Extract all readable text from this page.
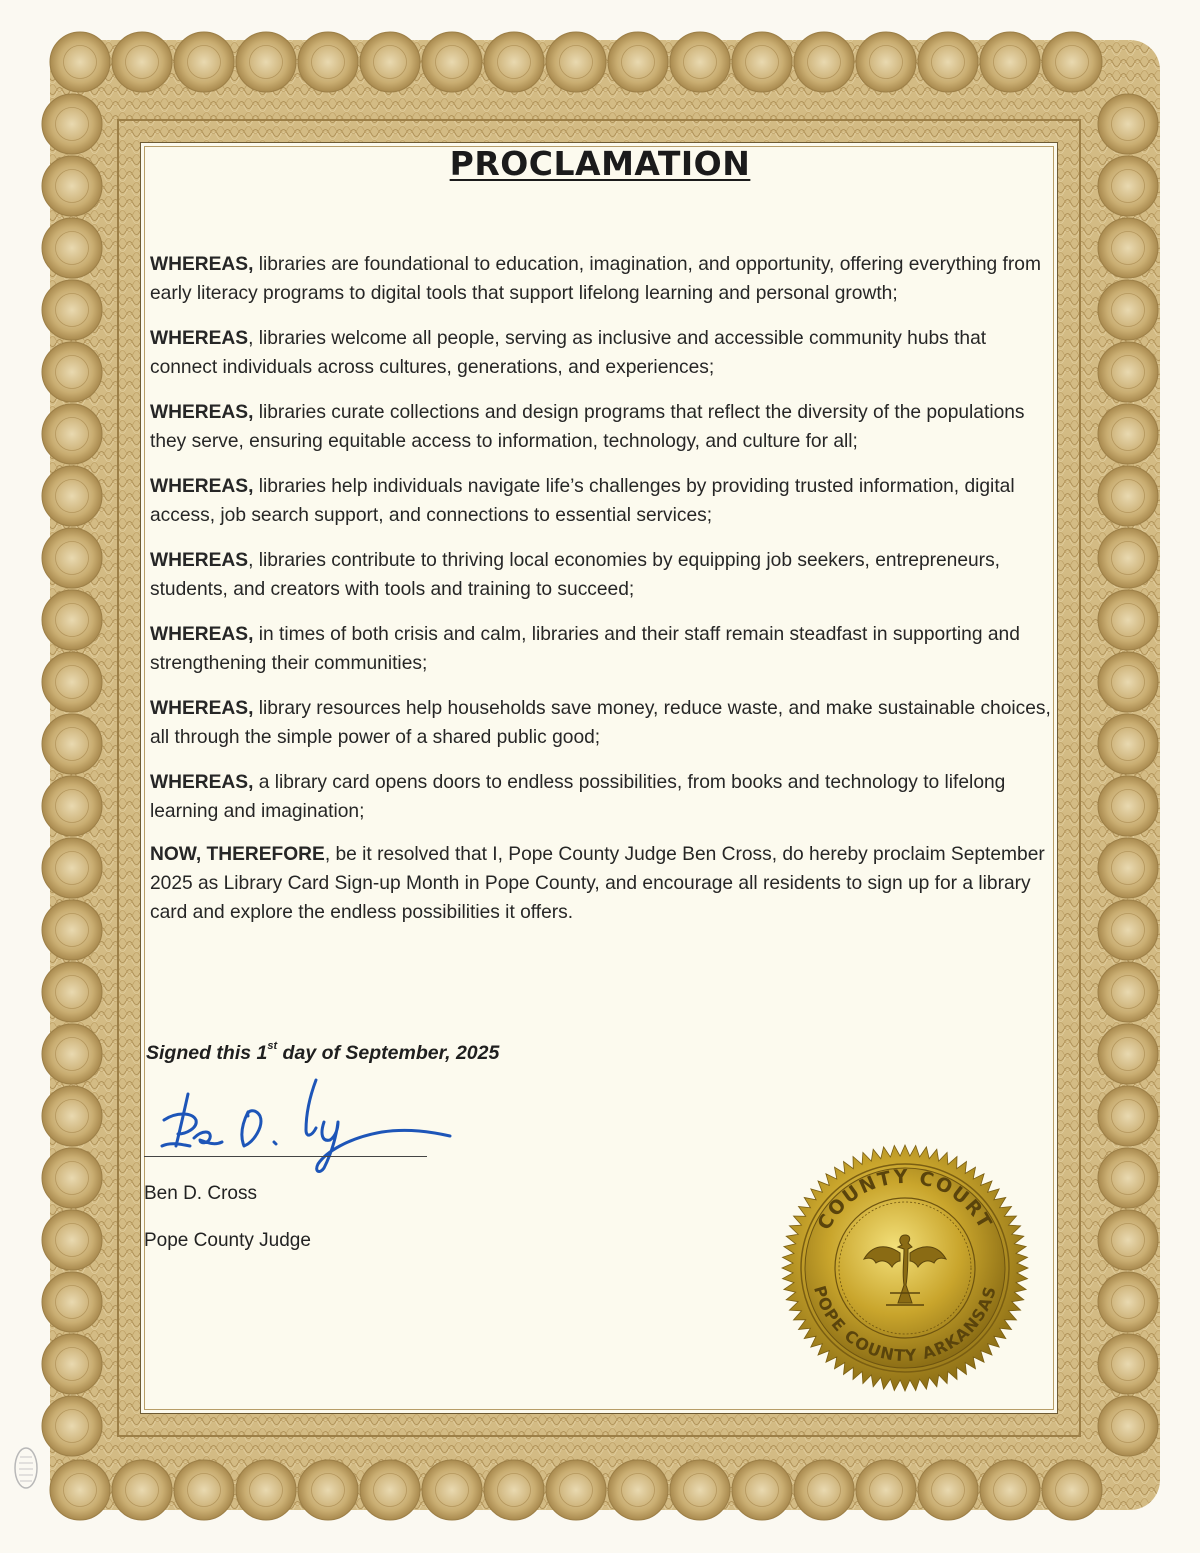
PROCLAMATION

WHEREAS, libraries are foundational to education, imagination, and opportunity, offering everything from early literacy programs to digital tools that support lifelong learning and personal growth;

WHEREAS, libraries welcome all people, serving as inclusive and accessible community hubs that connect individuals across cultures, generations, and experiences;

WHEREAS, libraries curate collections and design programs that reflect the diversity of the populations they serve, ensuring equitable access to information, technology, and culture for all;

WHEREAS, libraries help individuals navigate life’s challenges by providing trusted information, digital access, job search support, and connections to essential services;

WHEREAS, libraries contribute to thriving local economies by equipping job seekers, entrepreneurs, students, and creators with tools and training to succeed;

WHEREAS, in times of both crisis and calm, libraries and their staff remain steadfast in supporting and strengthening their communities;

WHEREAS, library resources help households save money, reduce waste, and make sustainable choices, all through the simple power of a shared public good;

WHEREAS, a library card opens doors to endless possibilities, from books and technology to lifelong learning and imagination;

NOW, THEREFORE, be it resolved that I, Pope County Judge Ben Cross, do hereby proclaim September 2025 as Library Card Sign-up Month in Pope County, and encourage all residents to sign up for a library card and explore the endless possibilities it offers.

Signed this 1st day of September, 2025
Ben D. Cross
Pope County Judge
COUNTY COURT
POPE COUNTY ARKANSAS
